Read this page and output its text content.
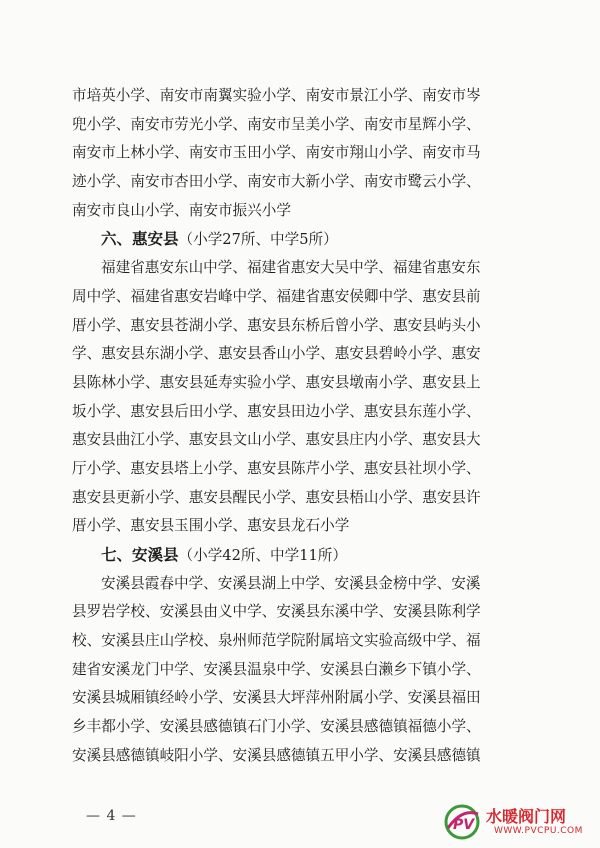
市培英小学、南安市南翼实验小学、南安市景江小学、南安市岑
兜小学、南安市劳光小学、南安市呈美小学、南安市星辉小学、
南安市上林小学、南安市玉田小学、南安市翔山小学、南安市马
迹小学、南安市杏田小学、南安市大新小学、南安市鹭云小学、
南安市良山小学、南安市振兴小学
六、惠安县（小学27所、中学5所）
福建省惠安东山中学、福建省惠安大吴中学、福建省惠安东
周中学、福建省惠安岩峰中学、福建省惠安侯卿中学、惠安县前
厝小学、惠安县苍湖小学、惠安县东桥后曾小学、惠安县屿头小
学、惠安县东湖小学、惠安县香山小学、惠安县碧岭小学、惠安
县陈林小学、惠安县延寿实验小学、惠安县墩南小学、惠安县上
坂小学、惠安县后田小学、惠安县田边小学、惠安县东莲小学、
惠安县曲江小学、惠安县文山小学、惠安县庄内小学、惠安县大
厅小学、惠安县塔上小学、惠安县陈芹小学、惠安县社坝小学、
惠安县更新小学、惠安县醒民小学、惠安县梧山小学、惠安县许
厝小学、惠安县玉围小学、惠安县龙石小学
七、安溪县（小学42所、中学11所）
安溪县霞春中学、安溪县湖上中学、安溪县金榜中学、安溪
县罗岩学校、安溪县由义中学、安溪县东溪中学、安溪县陈利学
校、安溪县庄山学校、泉州师范学院附属培文实验高级中学、福
建省安溪龙门中学、安溪县温泉中学、安溪县白濑乡下镇小学、
安溪县城厢镇经岭小学、安溪县大坪萍州附属小学、安溪县福田
乡丰都小学、安溪县感德镇石门小学、安溪县感德镇福德小学、
安溪县感德镇岐阳小学、安溪县感德镇五甲小学、安溪县感德镇
— 4 —
PV 水暖阀门网
WWW.PVCPU.COM
